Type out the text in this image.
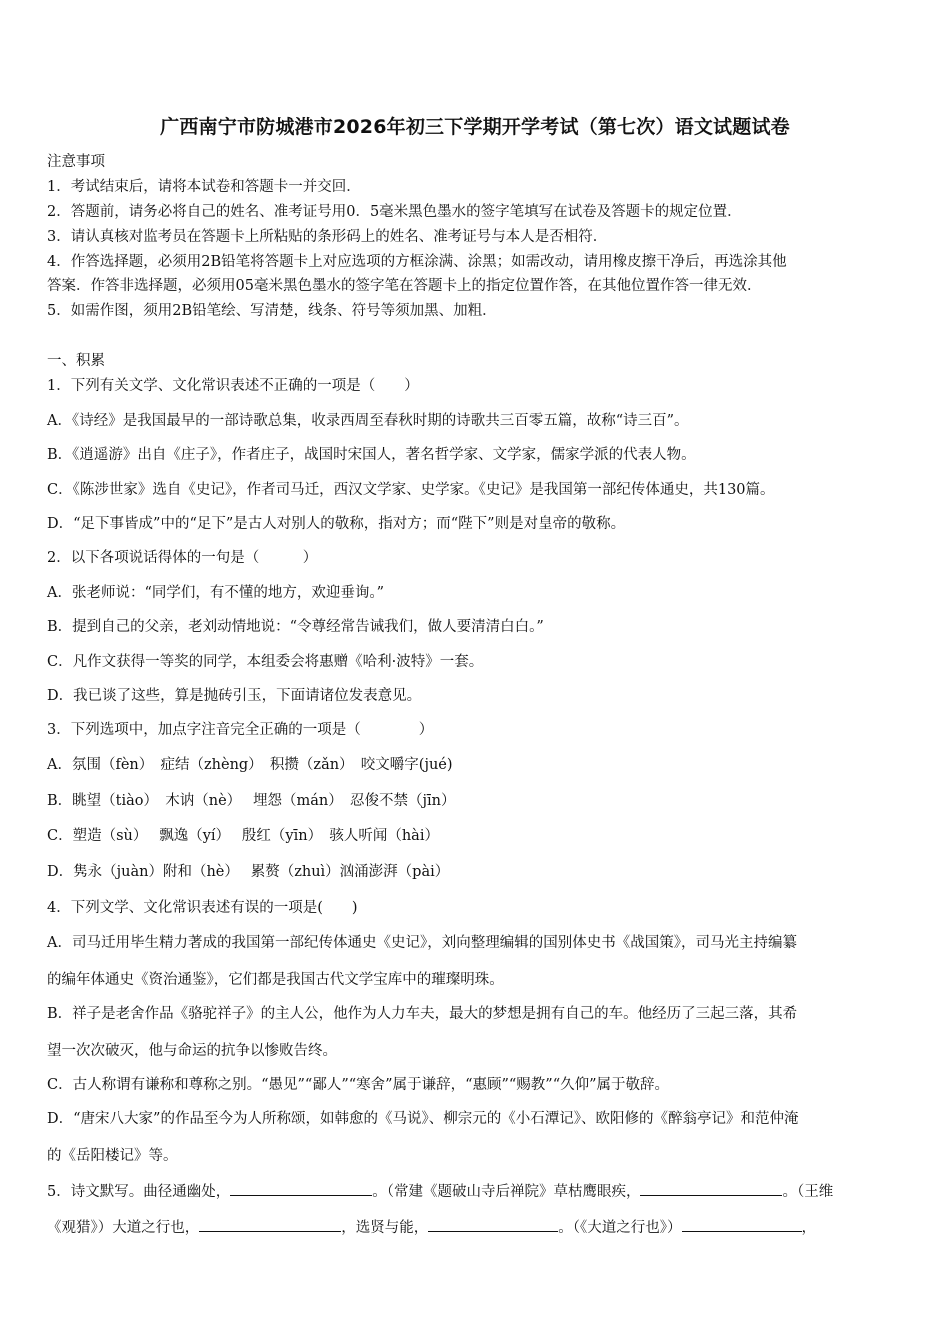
广西南宁市防城港市2026年初三下学期开学考试（第七次）语文试题试卷
注意事项
1．考试结束后，请将本试卷和答题卡一并交回．
2．答题前，请务必将自己的姓名、准考证号用0．5毫米黑色墨水的签字笔填写在试卷及答题卡的规定位置．
3．请认真核对监考员在答题卡上所粘贴的条形码上的姓名、准考证号与本人是否相符．
4．作答选择题，必须用2B铅笔将答题卡上对应选项的方框涂满、涂黑；如需改动，请用橡皮擦干净后，再选涂其他
答案．作答非选择题，必须用05毫米黑色墨水的签字笔在答题卡上的指定位置作答，在其他位置作答一律无效．
5．如需作图，须用2B铅笔绘、写清楚，线条、符号等须加黑、加粗．
一、积累
1．下列有关文学、文化常识表述不正确的一项是（　　）
A．《诗经》是我国最早的一部诗歌总集，收录西周至春秋时期的诗歌共三百零五篇，故称“诗三百”。
B．《逍遥游》出自《庄子》，作者庄子，战国时宋国人，著名哲学家、文学家，儒家学派的代表人物。
C．《陈涉世家》选自《史记》，作者司马迁，西汉文学家、史学家。《史记》是我国第一部纪传体通史，共130篇。
D．“足下事皆成”中的“足下”是古人对别人的敬称，指对方；而“陛下”则是对皇帝的敬称。
2．以下各项说话得体的一句是（　　　）
A．张老师说：“同学们，有不懂的地方，欢迎垂询。”
B．提到自己的父亲，老刘动情地说：“令尊经常告诫我们，做人要清清白白。”
C．凡作文获得一等奖的同学，本组委会将惠赠《哈利·波特》一套。
D．我已谈了这些，算是抛砖引玉，下面请诸位发表意见。
3．下列选项中，加点字注音完全正确的一项是（　　　　）
A．氛围（fèn）　症结（zhèng）　积攒（zǎn）　咬文嚼字(jué)
B．眺望（tiào）　木讷（nè）　 埋怨（mán）　忍俊不禁（jīn）
C．塑造（sù）　 飘逸（yí）　 殷红（yīn）　骇人听闻（hài）
D．隽永（juàn）附和（hè）　 累赘（zhuì）汹涌澎湃（pài）
4．下列文学、文化常识表述有误的一项是(　　)
A．司马迁用毕生精力著成的我国第一部纪传体通史《史记》，刘向整理编辑的国别体史书《战国策》，司马光主持编纂
的编年体通史《资治通鉴》，它们都是我国古代文学宝库中的璀璨明珠。
B．祥子是老舍作品《骆驼祥子》的主人公，他作为人力车夫，最大的梦想是拥有自己的车。他经历了三起三落，其希
望一次次破灭，他与命运的抗争以惨败告终。
C．古人称谓有谦称和尊称之别。“愚见”“鄙人”“寒舍”属于谦辞，“惠顾”“赐教”“久仰”属于敬辞。
D．“唐宋八大家”的作品至今为人所称颂，如韩愈的《马说》、柳宗元的《小石潭记》、欧阳修的《醉翁亭记》和范仲淹
的《岳阳楼记》等。
5．诗文默写。曲径通幽处，	。（常建《题破山寺后禅院》草枯鹰眼疾，	。（王维
《观猎》）大道之行也，	，选贤与能，	。（《大道之行也》）	，
